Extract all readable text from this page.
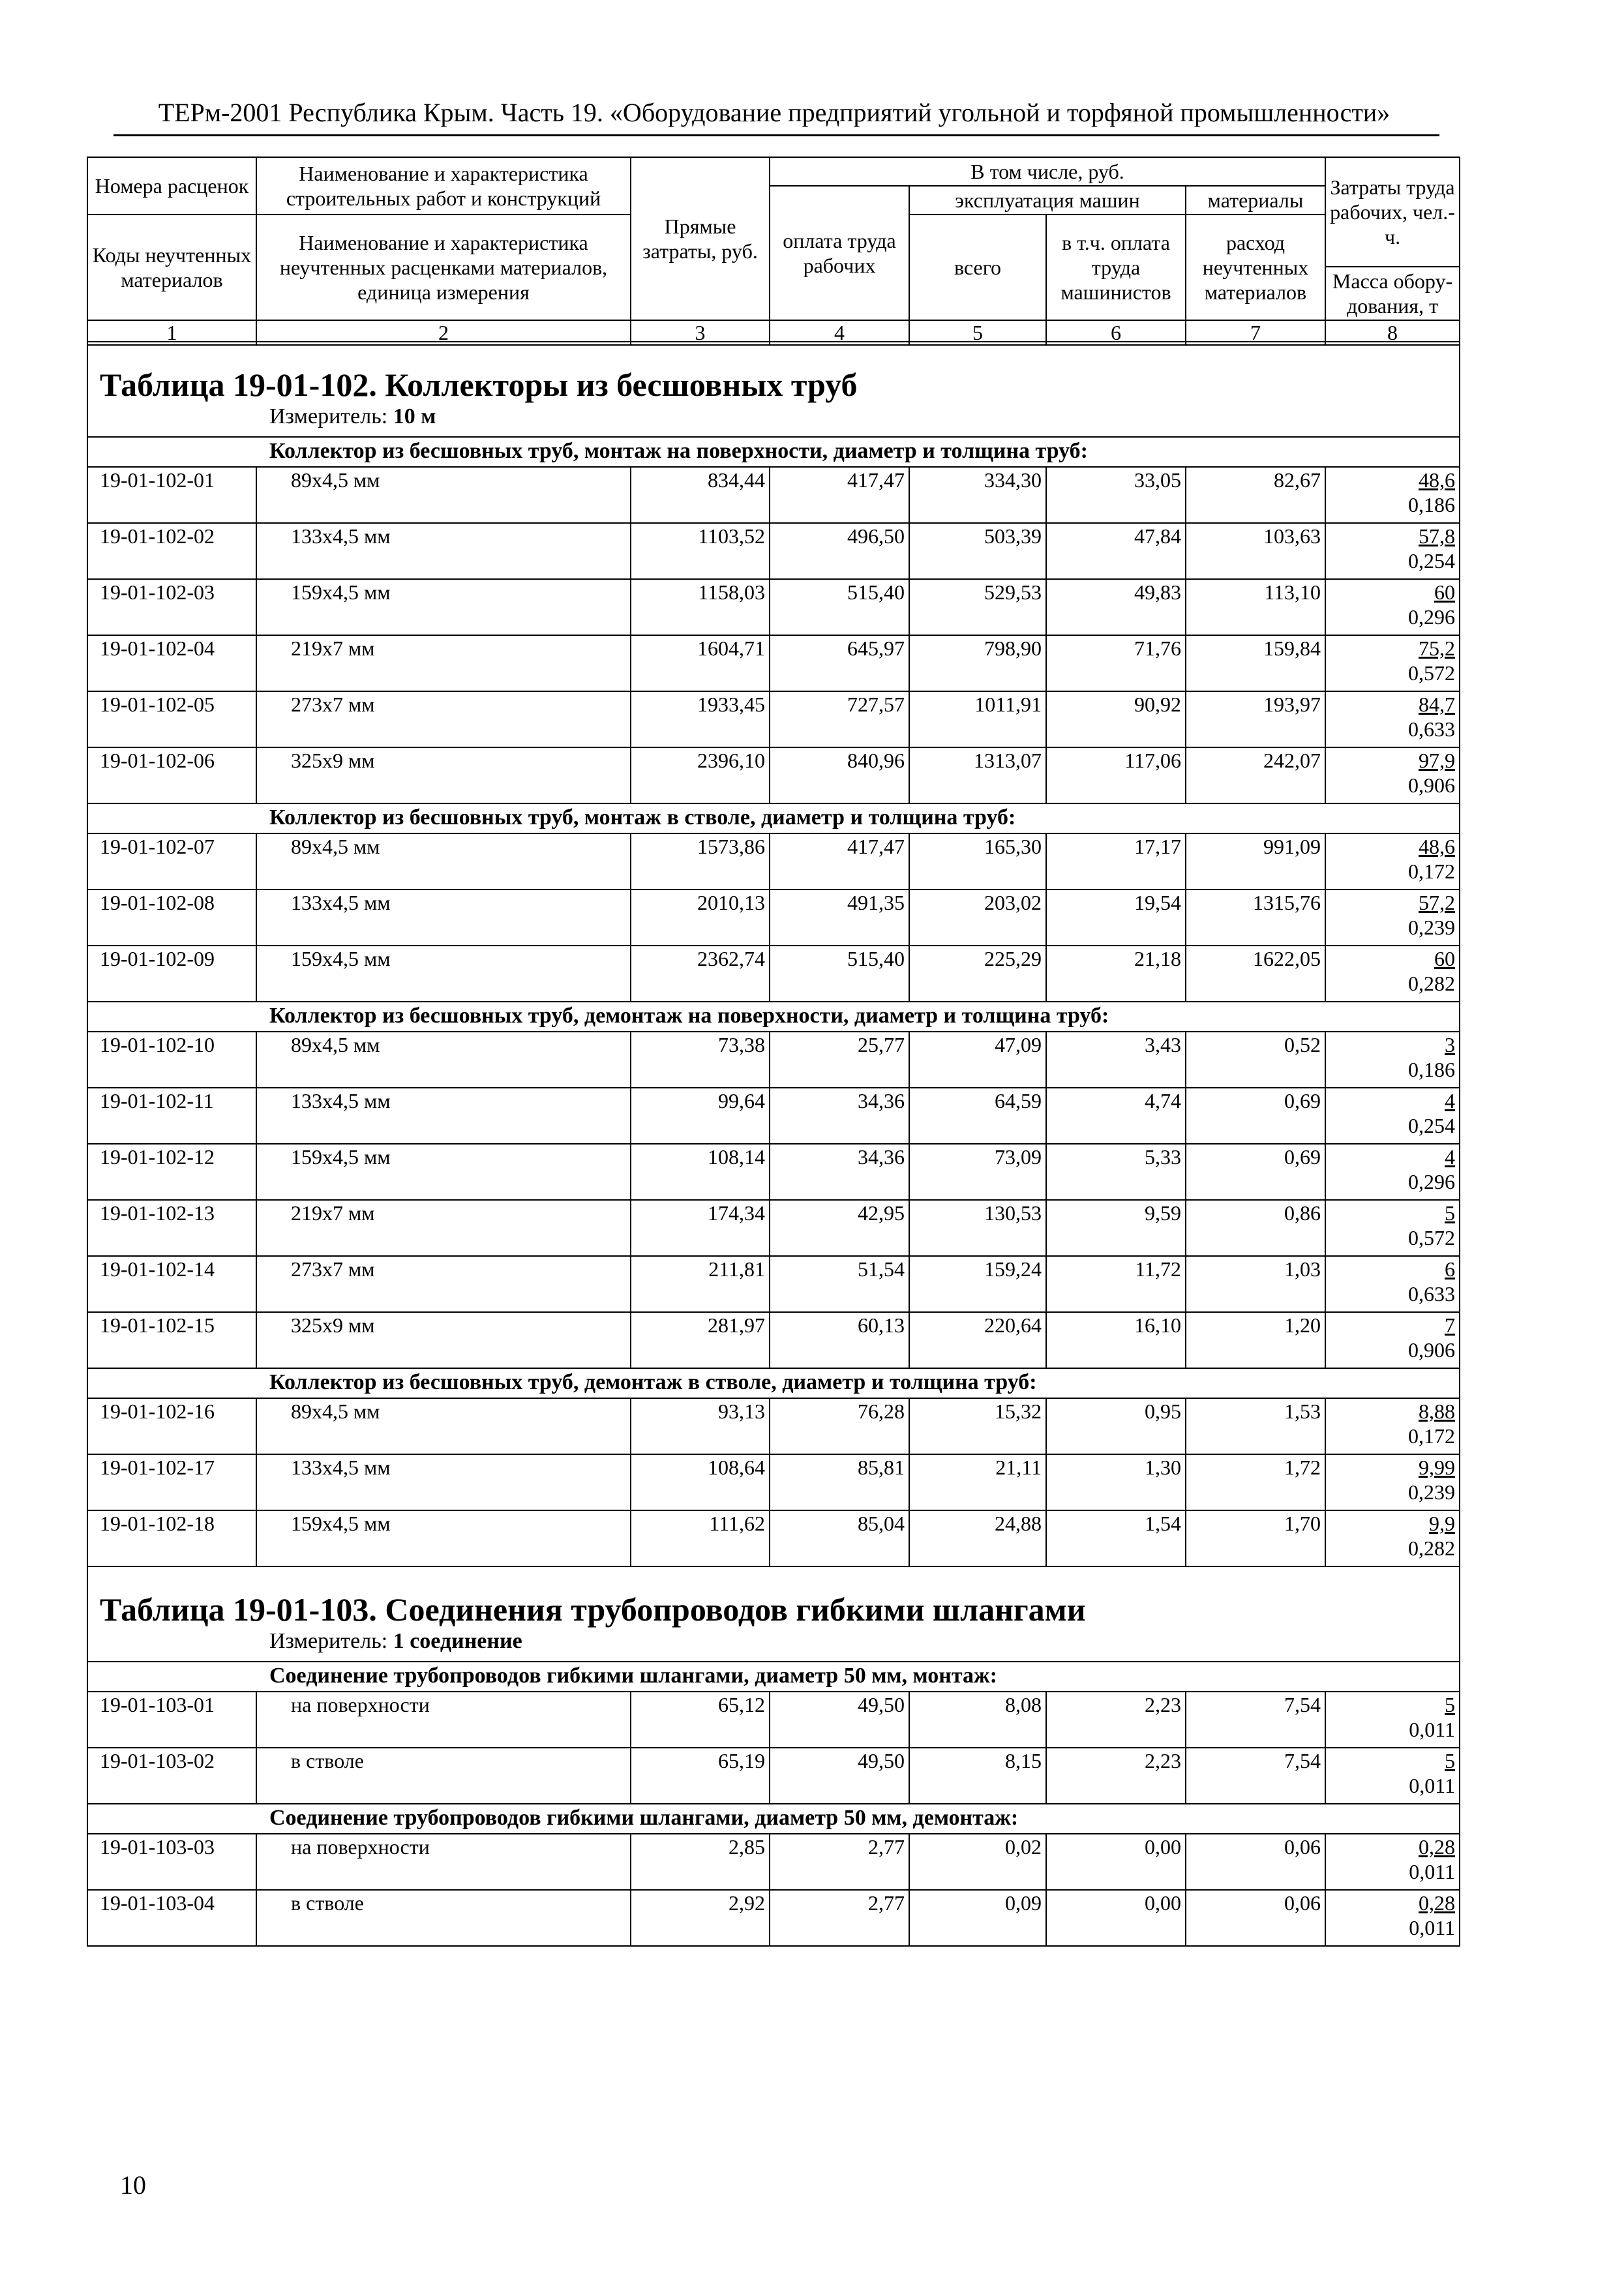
ТЕРм-2001 Республика Крым. Часть 19. «Оборудование предприятий угольной и торфяной промышленности»
Номера расценок	Наименование и характеристика строительных работ и конструкций	Прямые затраты, руб.	В том числе, руб.				Затраты труда рабочих, чел.-ч.
			оплата труда рабочих	эксплуатация машин		материалы	
Коды неучтенных материалов	Наименование и характеристика неучтенных расценками материалов, единица измерения			всего	в т.ч. оплата труда машинистов	расход неучтенных материалов	
							Масса обору-дования, т
1	2	3	4	5	6	7	8
Таблица 19-01-102. Коллекторы из бесшовных труб
Измеритель: 10 м							

Коллектор из бесшовных труб, монтаж на поверхности, диаметр и толщина труб:							
19-01-102-01	89х4,5 мм	834,44	417,47	334,30	33,05	82,67	48,6
0,186

19-01-102-02	133х4,5 мм	1103,52	496,50	503,39	47,84	103,63	57,8
0,254

19-01-102-03	159х4,5 мм	1158,03	515,40	529,53	49,83	113,10	60
0,296

19-01-102-04	219х7 мм	1604,71	645,97	798,90	71,76	159,84	75,2
0,572

19-01-102-05	273х7 мм	1933,45	727,57	1011,91	90,92	193,97	84,7
0,633

19-01-102-06	325х9 мм	2396,10	840,96	1313,07	117,06	242,07	97,9
0,906

Коллектор из бесшовных труб, монтаж в стволе, диаметр и толщина труб:							
19-01-102-07	89х4,5 мм	1573,86	417,47	165,30	17,17	991,09	48,6
0,172

19-01-102-08	133х4,5 мм	2010,13	491,35	203,02	19,54	1315,76	57,2
0,239

19-01-102-09	159х4,5 мм	2362,74	515,40	225,29	21,18	1622,05	60
0,282

Коллектор из бесшовных труб, демонтаж на поверхности, диаметр и толщина труб:							
19-01-102-10	89х4,5 мм	73,38	25,77	47,09	3,43	0,52	3
0,186

19-01-102-11	133х4,5 мм	99,64	34,36	64,59	4,74	0,69	4
0,254

19-01-102-12	159х4,5 мм	108,14	34,36	73,09	5,33	0,69	4
0,296

19-01-102-13	219х7 мм	174,34	42,95	130,53	9,59	0,86	5
0,572

19-01-102-14	273х7 мм	211,81	51,54	159,24	11,72	1,03	6
0,633

19-01-102-15	325х9 мм	281,97	60,13	220,64	16,10	1,20	7
0,906

Коллектор из бесшовных труб, демонтаж в стволе, диаметр и толщина труб:							
19-01-102-16	89х4,5 мм	93,13	76,28	15,32	0,95	1,53	8,88
0,172

19-01-102-17	133х4,5 мм	108,64	85,81	21,11	1,30	1,72	9,99
0,239

19-01-102-18	159х4,5 мм	111,62	85,04	24,88	1,54	1,70	9,9
0,282

Таблица 19-01-103. Соединения трубопроводов гибкими шлангами
Измеритель: 1 соединение							

Соединение трубопроводов гибкими шлангами, диаметр 50 мм, монтаж:							
19-01-103-01	на поверхности	65,12	49,50	8,08	2,23	7,54	5
0,011

19-01-103-02	в стволе	65,19	49,50	8,15	2,23	7,54	5
0,011

Соединение трубопроводов гибкими шлангами, диаметр 50 мм, демонтаж:							
19-01-103-03	на поверхности	2,85	2,77	0,02	0,00	0,06	0,28
0,011

19-01-103-04	в стволе	2,92	2,77	0,09	0,00	0,06	0,28
0,011
10
